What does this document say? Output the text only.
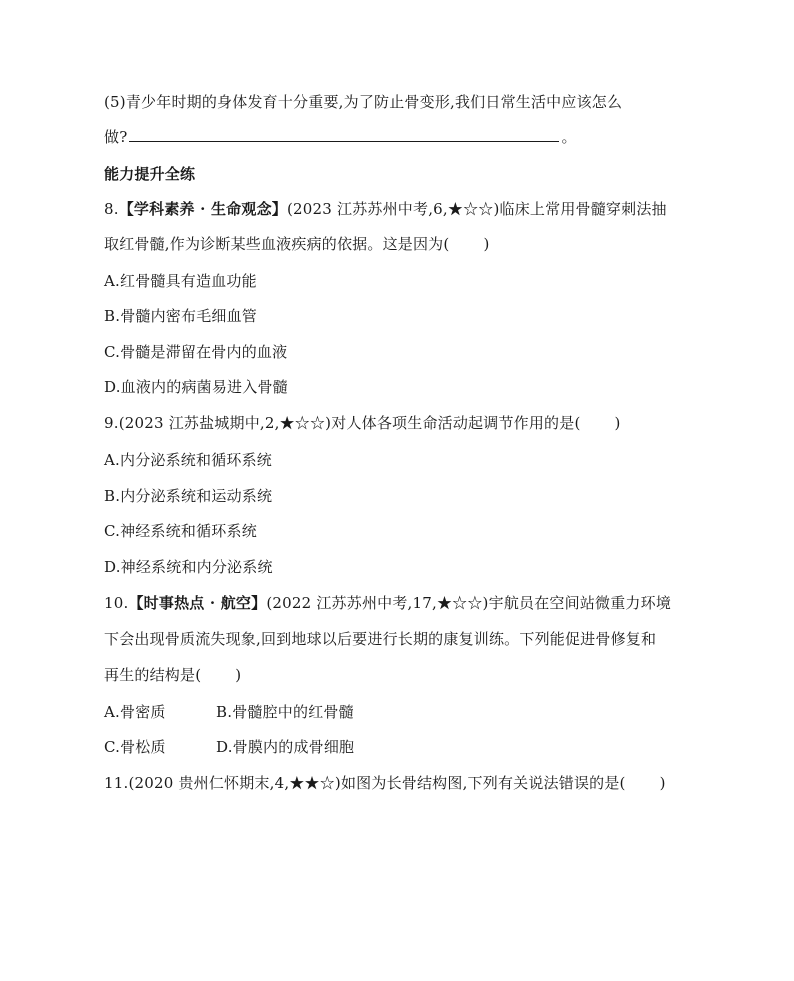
(5)青少年时期的身体发育十分重要,为了防止骨变形,我们日常生活中应该怎么
做?	。
能力提升全练
8.【学科素养 · 生命观念】(2023 江苏苏州中考,6,★☆☆)临床上常用骨髓穿刺法抽
取红骨髓,作为诊断某些血液疾病的依据。这是因为( )
A.红骨髓具有造血功能
B.骨髓内密布毛细血管
C.骨髓是滞留在骨内的血液
D.血液内的病菌易进入骨髓
9.(2023 江苏盐城期中,2,★☆☆)对人体各项生命活动起调节作用的是( )
A.内分泌系统和循环系统
B.内分泌系统和运动系统
C.神经系统和循环系统
D.神经系统和内分泌系统
10.【时事热点 · 航空】(2022 江苏苏州中考,17,★☆☆)宇航员在空间站微重力环境
下会出现骨质流失现象,回到地球以后要进行长期的康复训练。下列能促进骨修复和
再生的结构是( )
A.骨密质	B.骨髓腔中的红骨髓
C.骨松质	D.骨膜内的成骨细胞
11.(2020 贵州仁怀期末,4,★★☆)如图为长骨结构图,下列有关说法错误的是( )
